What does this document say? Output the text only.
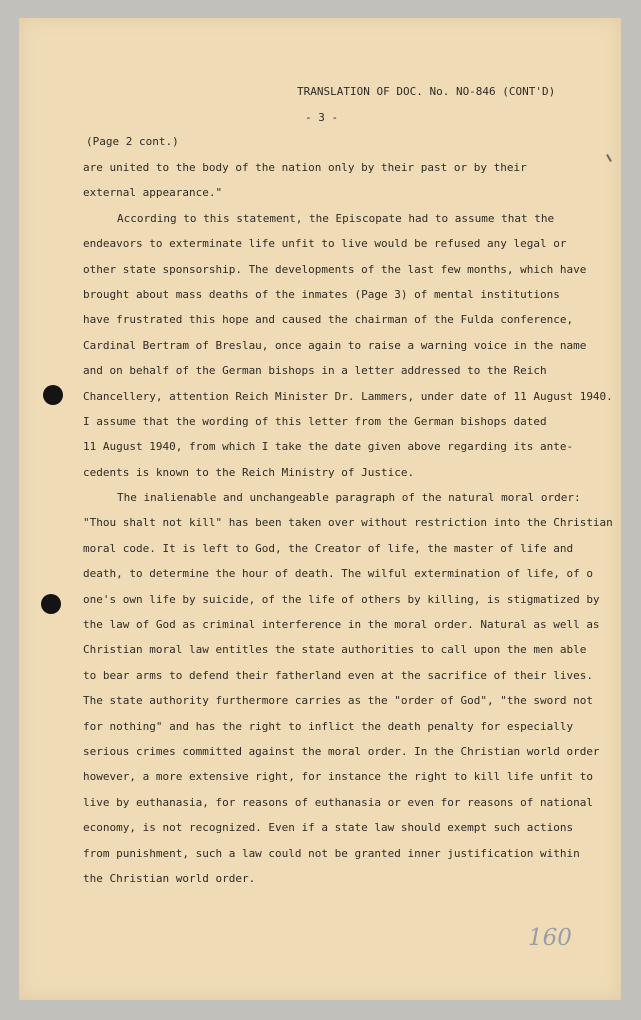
TRANSLATION OF DOC. No. NO-846 (CONT'D)
- 3 -
(Page 2 cont.)
are united to the body of the nation only by their past or by their
external appearance."
According to this statement, the Episcopate had to assume that the
endeavors to exterminate life unfit to live would be refused any legal or
other state sponsorship. The developments of the last few months, which have
brought about mass deaths of the inmates (Page 3) of mental institutions
have frustrated this hope and caused the chairman of the Fulda conference,
Cardinal Bertram of Breslau, once again to raise a warning voice in the name
and on behalf of the German bishops in a letter addressed to the Reich
Chancellery, attention Reich Minister Dr. Lammers, under date of 11 August 1940.
I assume that the wording of this letter from the German bishops dated
11 August 1940, from which I take the date given above regarding its ante-
cedents is known to the Reich Ministry of Justice.
The inalienable and unchangeable paragraph of the natural moral order:
"Thou shalt not kill" has been taken over without restriction into the Christian
moral code. It is left to God, the Creator of life, the master of life and
death, to determine the hour of death. The wilful extermination of life, of o
one's own life by suicide, of the life of others by killing, is stigmatized by
the law of God as criminal interference in the moral order. Natural as well as
Christian moral law entitles the state authorities to call upon the men able
to bear arms to defend their fatherland even at the sacrifice of their lives.
The state authority furthermore carries as the "order of God", "the sword not
for nothing" and has the right to inflict the death penalty for especially
serious crimes committed against the moral order. In the Christian world order
however, a more extensive right, for instance the right to kill life unfit to
live by euthanasia, for reasons of euthanasia or even for reasons of national
economy, is not recognized. Even if a state law should exempt such actions
from punishment, such a law could not be granted inner justification within
the Christian world order.
160
